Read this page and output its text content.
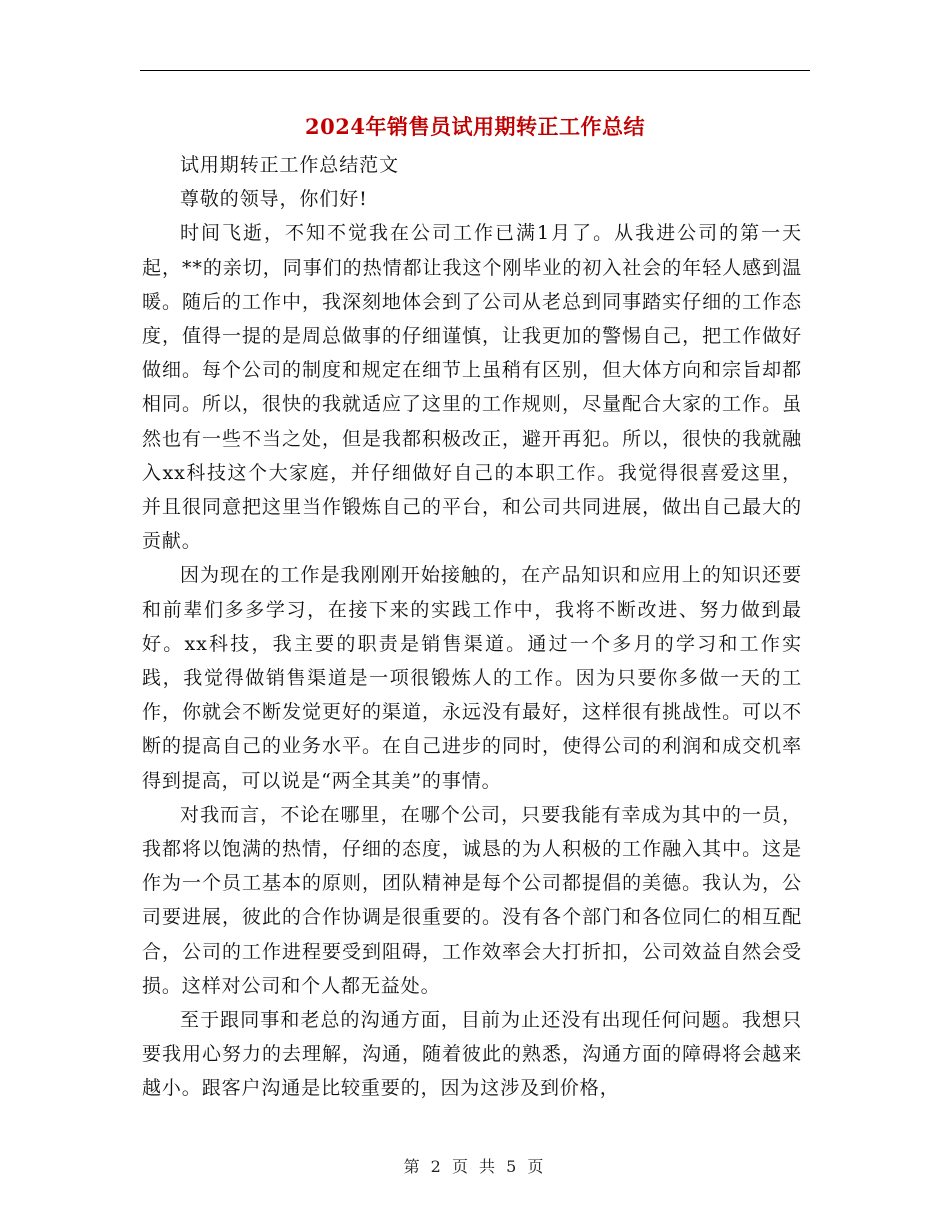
2024年销售员试用期转正工作总结

试用期转正工作总结范文

尊敬的领导，你们好!

时间飞逝，不知不觉我在公司工作已满1月了。从我进公司的第一天起，**的亲切，同事们的热情都让我这个刚毕业的初入社会的年轻人感到温暖。随后的工作中，我深刻地体会到了公司从老总到同事踏实仔细的工作态度，值得一提的是周总做事的仔细谨慎，让我更加的警惕自己，把工作做好做细。每个公司的制度和规定在细节上虽稍有区别，但大体方向和宗旨却都相同。所以，很快的我就适应了这里的工作规则，尽量配合大家的工作。虽然也有一些不当之处，但是我都积极改正，避开再犯。所以，很快的我就融入xx科技这个大家庭，并仔细做好自己的本职工作。我觉得很喜爱这里，并且很同意把这里当作锻炼自己的平台，和公司共同进展，做出自己最大的贡献。

因为现在的工作是我刚刚开始接触的，在产品知识和应用上的知识还要和前辈们多多学习，在接下来的实践工作中，我将不断改进、努力做到最好。xx科技，我主要的职责是销售渠道。通过一个多月的学习和工作实践，我觉得做销售渠道是一项很锻炼人的工作。因为只要你多做一天的工作，你就会不断发觉更好的渠道，永远没有最好，这样很有挑战性。可以不断的提高自己的业务水平。在自己进步的同时，使得公司的利润和成交机率得到提高，可以说是“两全其美”的事情。

对我而言，不论在哪里，在哪个公司，只要我能有幸成为其中的一员，我都将以饱满的热情，仔细的态度，诚恳的为人积极的工作融入其中。这是作为一个员工基本的原则，团队精神是每个公司都提倡的美德。我认为，公司要进展，彼此的合作协调是很重要的。没有各个部门和各位同仁的相互配合，公司的工作进程要受到阻碍，工作效率会大打折扣，公司效益自然会受损。这样对公司和个人都无益处。

至于跟同事和老总的沟通方面，目前为止还没有出现任何问题。我想只要我用心努力的去理解，沟通，随着彼此的熟悉，沟通方面的障碍将会越来越小。跟客户沟通是比较重要的，因为这涉及到价格，

第 2 页 共 5 页
